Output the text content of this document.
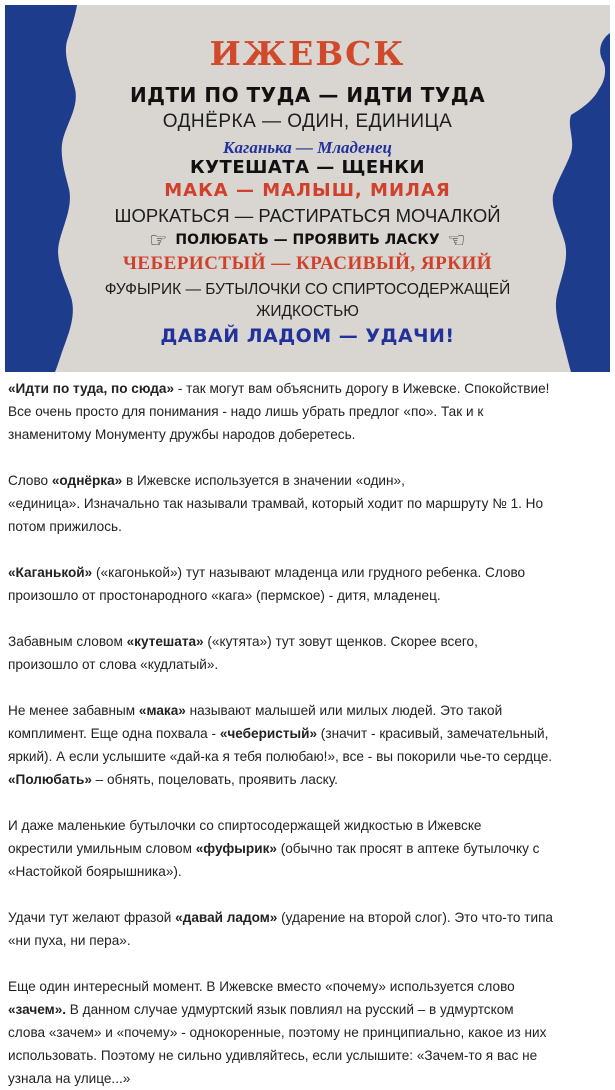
ИЖЕВСК
ИДТИ ПО ТУДА — ИДТИ ТУДА
ОДНЁРКА — ОДИН, ЕДИНИЦА
Каганька — Младенец
КУТЕШАТА — ЩЕНКИ
МАКА — МАЛЫШ, МИЛАЯ
ШОРКАТЬСЯ — РАСТИРАТЬСЯ МОЧАЛКОЙ
☞ ПОЛЮБАТЬ — ПРОЯВИТЬ ЛАСКУ ☜
ЧЕБЕРИСТЫЙ — КРАСИВЫЙ, ЯРКИЙ
ФУФЫРИК — БУТЫЛОЧКИ СО СПИРТОСОДЕРЖАЩЕЙ
ЖИДКОСТЬЮ
ДАВАЙ ЛАДОМ — УДАЧИ!

«Идти по туда, по сюда» - так могут вам объяснить дорогу в Ижевске. Спокойствие!
Все очень просто для понимания - надо лишь убрать предлог «по». Так и к
знаменитому Монументу дружбы народов доберетесь.

Слово «однёрка» в Ижевске используется в значении «один»,
«единица». Изначально так называли трамвай, который ходит по маршруту № 1. Но
потом прижилось.

«Каганькой» («кагонькой») тут называют младенца или грудного ребенка. Слово
произошло от простонародного «кага» (пермское) - дитя, младенец.

Забавным словом «кутешата» («кутята») тут зовут щенков. Скорее всего,
произошло от слова «кудлатый».

Не менее забавным «мака» называют малышей или милых людей. Это такой
комплимент. Еще одна похвала - «чеберистый» (значит - красивый, замечательный,
яркий). А если услышите «дай-ка я тебя полюбаю!», все - вы покорили чье-то сердце.
«Полюбать» – обнять, поцеловать, проявить ласку.

И даже маленькие бутылочки со спиртосодержащей жидкостью в Ижевске
окрестили умильным словом «фуфырик» (обычно так просят в аптеке бутылочку с
«Настойкой боярышника»).

Удачи тут желают фразой «давай ладом» (ударение на второй слог). Это что-то типа
«ни пуха, ни пера».

Еще один интересный момент. В Ижевске вместо «почему» используется слово
«зачем». В данном случае удмуртский язык повлиял на русский – в удмуртском
слова «зачем» и «почему» - однокоренные, поэтому не принципиально, какое из них
использовать. Поэтому не сильно удивляйтесь, если услышите: «Зачем-то я вас не
узнала на улице...»
